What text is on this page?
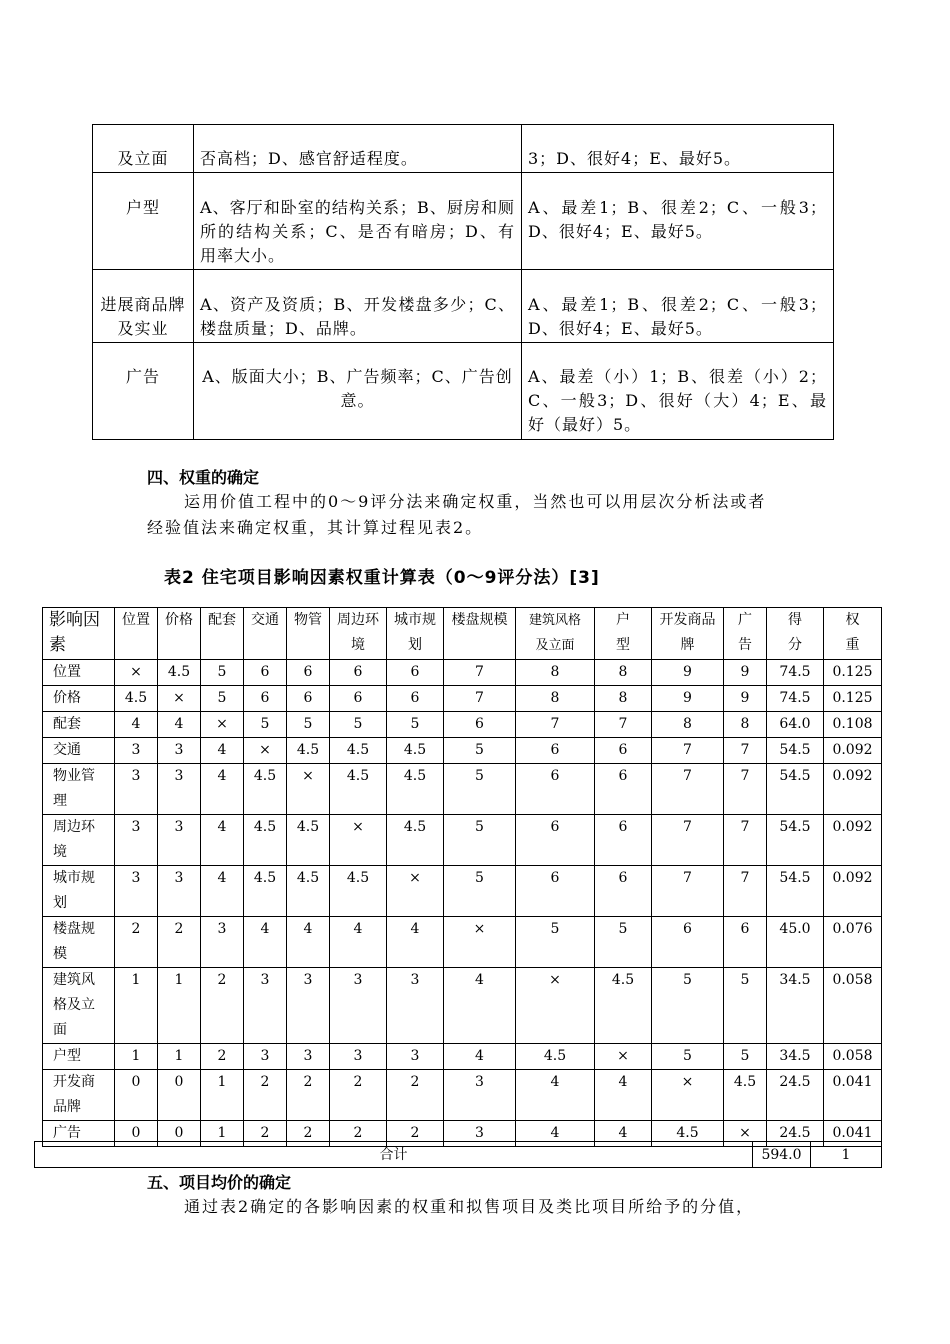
及立面	否高档；D、感官舒适程度。	3；D、很好4；E、最好5。
户型	A、客厅和卧室的结构关系；B、厨房和厕所的结构关系；C、是否有暗房；D、有用率大小。	A、最差1；B、很差2；C、一般3；D、很好4；E、最好5。
进展商品牌及实业	A、资产及资质；B、开发楼盘多少；C、楼盘质量；D、品牌。	A、最差1；B、很差2；C、一般3；D、很好4；E、最好5。
广告	A、版面大小；B、广告频率；C、广告创意。	A、最差（小）1；B、很差（小）2；C、一般3；D、很好（大）4；E、最好（最好）5。
四、权重的确定
运用价值工程中的0～9评分法来确定权重，当然也可以用层次分析法或者
经验值法来确定权重，其计算过程见表2。
表2 住宅项目影响因素权重计算表（0～9评分法）[3]
影响因素	位置	价格	配套	交通	物管	周边环境	城市规划	楼盘规模	建筑风格及立面	户型	开发商品牌	广告	得分	权重
位置	×	4.5	5	6	6	6	6	7	8	8	9	9	74.5	0.125
价格	4.5	×	5	6	6	6	6	7	8	8	9	9	74.5	0.125
配套	4	4	×	5	5	5	5	6	7	7	8	8	64.0	0.108
交通	3	3	4	×	4.5	4.5	4.5	5	6	6	7	7	54.5	0.092
物业管理	3	3	4	4.5	×	4.5	4.5	5	6	6	7	7	54.5	0.092
周边环境	3	3	4	4.5	4.5	×	4.5	5	6	6	7	7	54.5	0.092
城市规划	3	3	4	4.5	4.5	4.5	×	5	6	6	7	7	54.5	0.092
楼盘规模	2	2	3	4	4	4	4	×	5	5	6	6	45.0	0.076
建筑风格及立面	1	1	2	3	3	3	3	4	×	4.5	5	5	34.5	0.058
户型	1	1	2	3	3	3	3	4	4.5	×	5	5	34.5	0.058
开发商品牌	0	0	1	2	2	2	2	3	4	4	×	4.5	24.5	0.041
广告	0	0	1	2	2	2	2	3	4	4	4.5	×	24.5	0.041
合计	594.0	1
五、项目均价的确定
通过表2确定的各影响因素的权重和拟售项目及类比项目所给予的分值，
